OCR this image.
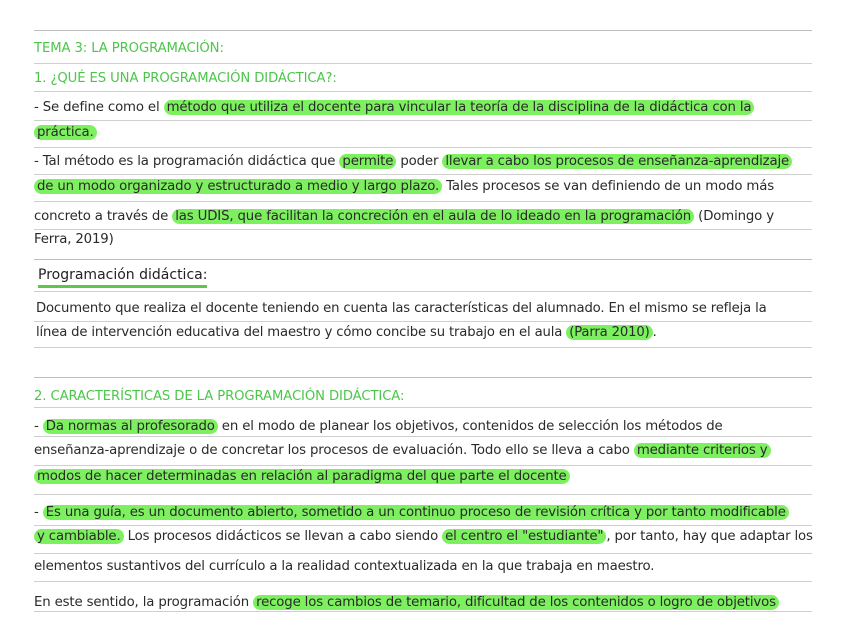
TEMA 3: LA PROGRAMACIÓN:
1. ¿QUÉ ES UNA PROGRAMACIÓN DIDÁCTICA?:
- Se define como el método que utiliza el docente para vincular la teoría de la disciplina de la didáctica con la
práctica.
- Tal método es la programación didáctica que permite poder llevar a cabo los procesos de enseñanza-aprendizaje
de un modo organizado y estructurado a medio y largo plazo. Tales procesos se van definiendo de un modo más
concreto a través de las UDIS, que facilitan la concreción en el aula de lo ideado en la programación (Domingo y
Ferra, 2019)
Programación didáctica:
Documento que realiza el docente teniendo en cuenta las características del alumnado. En el mismo se refleja la
línea de intervención educativa del maestro y cómo concibe su trabajo en el aula (Parra 2010) .
2. CARACTERÍSTICAS DE LA PROGRAMACIÓN DIDÁCTICA:
- Da normas al profesorado en el modo de planear los objetivos, contenidos de selección los métodos de
enseñanza-aprendizaje o de concretar los procesos de evaluación. Todo ello se lleva a cabo mediante criterios y
modos de hacer determinadas en relación al paradigma del que parte el docente
- Es una guía, es un documento abierto, sometido a un continuo proceso de revisión crítica y por tanto modificable
y cambiable. Los procesos didácticos se llevan a cabo siendo el centro el "estudiante" , por tanto, hay que adaptar los
elementos sustantivos del currículo a la realidad contextualizada en la que trabaja en maestro.
En este sentido, la programación recoge los cambios de temario, dificultad de los contenidos o logro de objetivos
